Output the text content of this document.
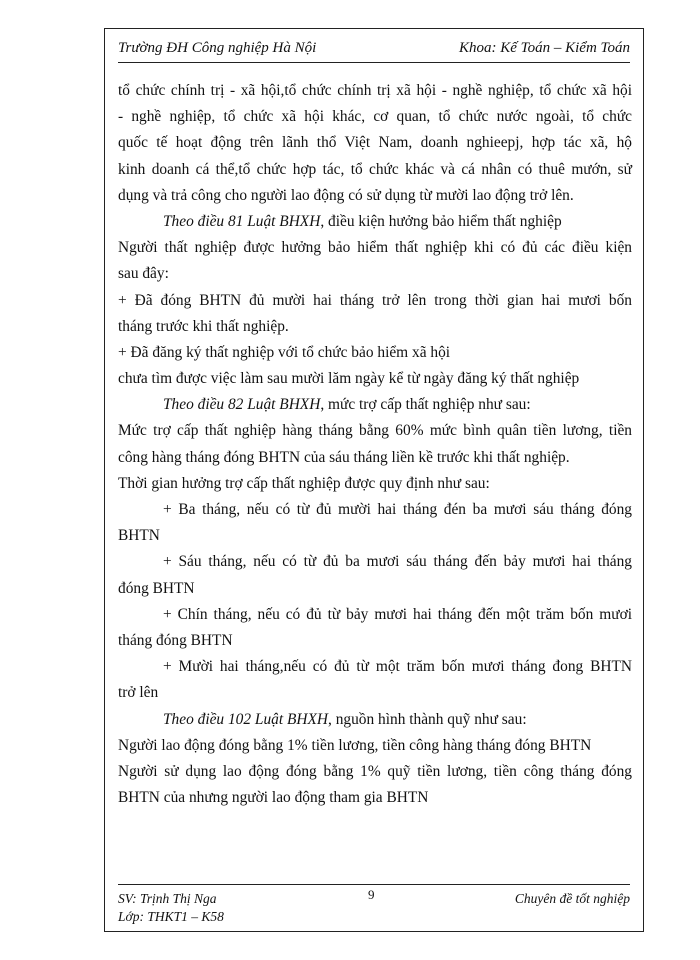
Trường ĐH Công nghiệp Hà Nội	Khoa: Kế Toán – Kiểm Toán
tổ chức chính trị - xã hội,tổ chức chính trị xã hội - nghề nghiệp, tổ chức xã hội
- nghề nghiệp, tổ chức xã hội khác, cơ quan, tổ chức nước ngoài, tổ chức
quốc tế hoạt động trên lãnh thổ Việt Nam, doanh nghieepj, hợp tác xã, hộ
kinh doanh cá thể,tổ chức hợp tác, tổ chức khác và cá nhân có thuê mướn, sử
dụng và trả công cho người lao động có sử dụng từ mười lao động trở lên.
Theo điều 81 Luật BHXH, điều kiện hưởng bảo hiểm thất nghiệp
Người thất nghiệp được hưởng bảo hiểm thất nghiệp khi có đủ các điều kiện
sau đây:
+ Đã đóng BHTN đủ mười hai tháng trở lên trong thời gian hai mươi bốn
tháng trước khi thất nghiệp.
+ Đã đăng ký thất nghiệp với tổ chức bảo hiểm xã hội
chưa tìm được việc làm sau mười lăm ngày kể từ ngày đăng ký thất nghiệp
Theo điều 82 Luật BHXH, mức trợ cấp thất nghiệp như sau:
Mức trợ cấp thất nghiệp hàng tháng bằng 60% mức bình quân tiền lương, tiền
công hàng tháng đóng BHTN của sáu tháng liền kề trước khi thất nghiệp.
Thời gian hưởng trợ cấp thất nghiệp được quy định như sau:
+ Ba tháng, nếu có từ đủ mười hai tháng đén ba mươi sáu tháng đóng
BHTN
+ Sáu tháng, nếu có từ đủ ba mươi sáu tháng đến bảy mươi hai tháng
đóng BHTN
+ Chín tháng, nếu có đủ từ bảy mươi hai tháng đến một trăm bốn mươi
tháng đóng BHTN
+ Mười hai tháng,nếu có đủ từ một trăm bốn mươi tháng đong BHTN
trở lên
Theo điều 102 Luật BHXH, nguồn hình thành quỹ như sau:
Người lao động đóng bằng 1% tiền lương, tiền công hàng tháng đóng BHTN
Người sử dụng lao động đóng bằng 1% quỹ tiền lương, tiền công tháng đóng
BHTN của nhưng người lao động tham gia BHTN
SV: Trịnh Thị Nga
Lớp: THKT1 – K58
9	Chuyên đề tốt nghiệp
